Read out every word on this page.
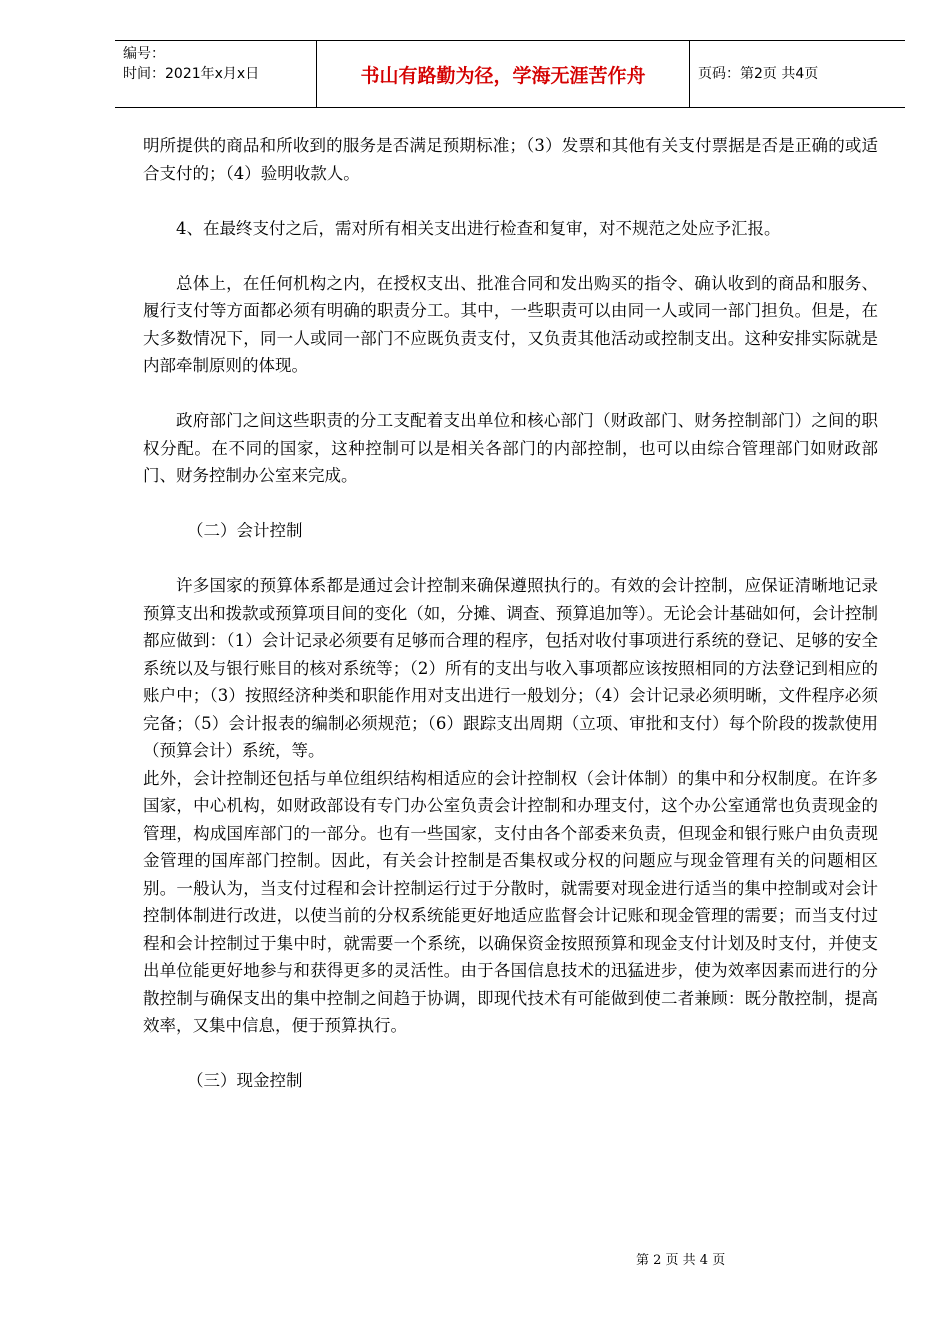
编号：
时间：2021年x月x日	书山有路勤为径，学海无涯苦作舟	页码：第2页 共4页

明所提供的商品和所收到的服务是否满足预期标准；（3）发票和其他有关支付票据是否是正确的或适合支付的；（4）验明收款人。

4、在最终支付之后，需对所有相关支出进行检查和复审，对不规范之处应予汇报。

总体上，在任何机构之内，在授权支出、批准合同和发出购买的指令、确认收到的商品和服务、履行支付等方面都必须有明确的职责分工。其中，一些职责可以由同一人或同一部门担负。但是，在大多数情况下，同一人或同一部门不应既负责支付，又负责其他活动或控制支出。这种安排实际就是内部牵制原则的体现。

政府部门之间这些职责的分工支配着支出单位和核心部门（财政部门、财务控制部门）之间的职权分配。在不同的国家，这种控制可以是相关各部门的内部控制，也可以由综合管理部门如财政部门、财务控制办公室来完成。

（二）会计控制

许多国家的预算体系都是通过会计控制来确保遵照执行的。有效的会计控制，应保证清晰地记录预算支出和拨款或预算项目间的变化（如，分摊、调查、预算追加等）。无论会计基础如何，会计控制都应做到：（1）会计记录必须要有足够而合理的程序，包括对收付事项进行系统的登记、足够的安全系统以及与银行账目的核对系统等；（2）所有的支出与收入事项都应该按照相同的方法登记到相应的账户中；（3）按照经济种类和职能作用对支出进行一般划分；（4）会计记录必须明晰，文件程序必须完备；（5）会计报表的编制必须规范；（6）跟踪支出周期（立项、审批和支付）每个阶段的拨款使用（预算会计）系统，等。

此外，会计控制还包括与单位组织结构相适应的会计控制权（会计体制）的集中和分权制度。在许多国家，中心机构，如财政部设有专门办公室负责会计控制和办理支付，这个办公室通常也负责现金的管理，构成国库部门的一部分。也有一些国家，支付由各个部委来负责，但现金和银行账户由负责现金管理的国库部门控制。因此，有关会计控制是否集权或分权的问题应与现金管理有关的问题相区别。一般认为，当支付过程和会计控制运行过于分散时，就需要对现金进行适当的集中控制或对会计控制体制进行改进，以使当前的分权系统能更好地适应监督会计记账和现金管理的需要；而当支付过程和会计控制过于集中时，就需要一个系统，以确保资金按照预算和现金支付计划及时支付，并使支出单位能更好地参与和获得更多的灵活性。由于各国信息技术的迅猛进步，使为效率因素而进行的分散控制与确保支出的集中控制之间趋于协调，即现代技术有可能做到使二者兼顾：既分散控制，提高效率，又集中信息，便于预算执行。

（三）现金控制

第 2 页 共 4 页
